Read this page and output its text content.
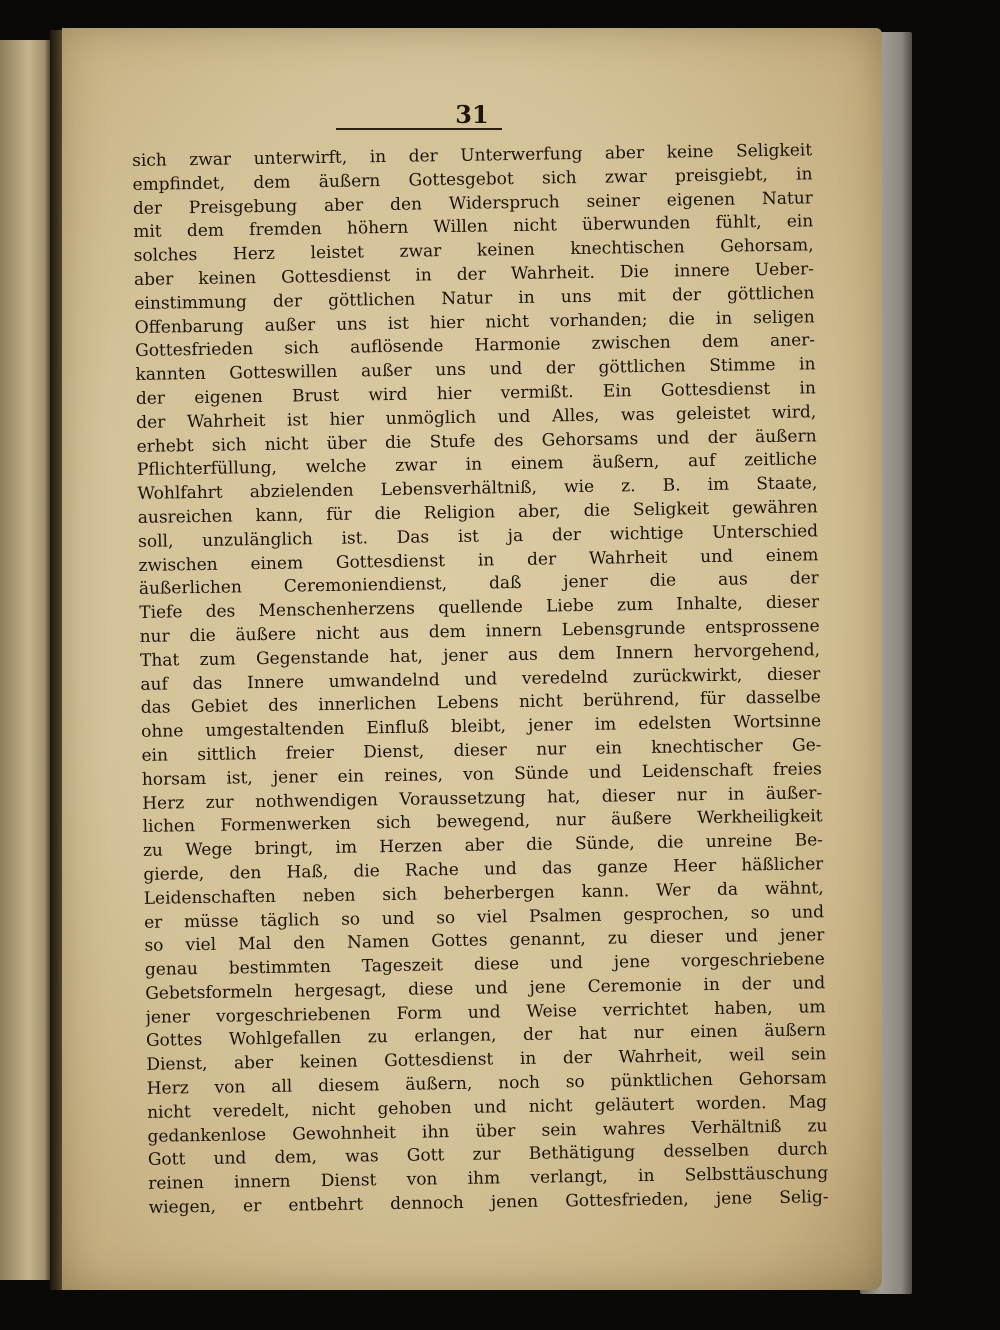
31

sich zwar unterwirft, in der Unterwerfung aber keine Seligkeit
empfindet, dem äußern Gottesgebot sich zwar preisgiebt, in
der Preisgebung aber den Widerspruch seiner eigenen Natur
mit dem fremden höhern Willen nicht überwunden fühlt, ein
solches Herz leistet zwar keinen knechtischen Gehorsam,
aber keinen Gottesdienst in der Wahrheit. Die innere Ueber-
einstimmung der göttlichen Natur in uns mit der göttlichen
Offenbarung außer uns ist hier nicht vorhanden; die in seligen
Gottesfrieden sich auflösende Harmonie zwischen dem aner-
kannten Gotteswillen außer uns und der göttlichen Stimme in
der eigenen Brust wird hier vermißt. Ein Gottesdienst in
der Wahrheit ist hier unmöglich und Alles, was geleistet wird,
erhebt sich nicht über die Stufe des Gehorsams und der äußern
Pflichterfüllung, welche zwar in einem äußern, auf zeitliche
Wohlfahrt abzielenden Lebensverhältniß, wie z. B. im Staate,
ausreichen kann, für die Religion aber, die Seligkeit gewähren
soll, unzulänglich ist. Das ist ja der wichtige Unterschied
zwischen einem Gottesdienst in der Wahrheit und einem
äußerlichen Ceremoniendienst, daß jener die aus der
Tiefe des Menschenherzens quellende Liebe zum Inhalte, dieser
nur die äußere nicht aus dem innern Lebensgrunde entsprossene
That zum Gegenstande hat, jener aus dem Innern hervorgehend,
auf das Innere umwandelnd und veredelnd zurückwirkt, dieser
das Gebiet des innerlichen Lebens nicht berührend, für dasselbe
ohne umgestaltenden Einfluß bleibt, jener im edelsten Wortsinne
ein sittlich freier Dienst, dieser nur ein knechtischer Ge-
horsam ist, jener ein reines, von Sünde und Leidenschaft freies
Herz zur nothwendigen Voraussetzung hat, dieser nur in äußer-
lichen Formenwerken sich bewegend, nur äußere Werkheiligkeit
zu Wege bringt, im Herzen aber die Sünde, die unreine Be-
gierde, den Haß, die Rache und das ganze Heer häßlicher
Leidenschaften neben sich beherbergen kann. Wer da wähnt,
er müsse täglich so und so viel Psalmen gesprochen, so und
so viel Mal den Namen Gottes genannt, zu dieser und jener
genau bestimmten Tageszeit diese und jene vorgeschriebene
Gebetsformeln hergesagt, diese und jene Ceremonie in der und
jener vorgeschriebenen Form und Weise verrichtet haben, um
Gottes Wohlgefallen zu erlangen, der hat nur einen äußern
Dienst, aber keinen Gottesdienst in der Wahrheit, weil sein
Herz von all diesem äußern, noch so pünktlichen Gehorsam
nicht veredelt, nicht gehoben und nicht geläutert worden. Mag
gedankenlose Gewohnheit ihn über sein wahres Verhältniß zu
Gott und dem, was Gott zur Bethätigung desselben durch
reinen innern Dienst von ihm verlangt, in Selbsttäuschung
wiegen, er entbehrt dennoch jenen Gottesfrieden, jene Selig-
